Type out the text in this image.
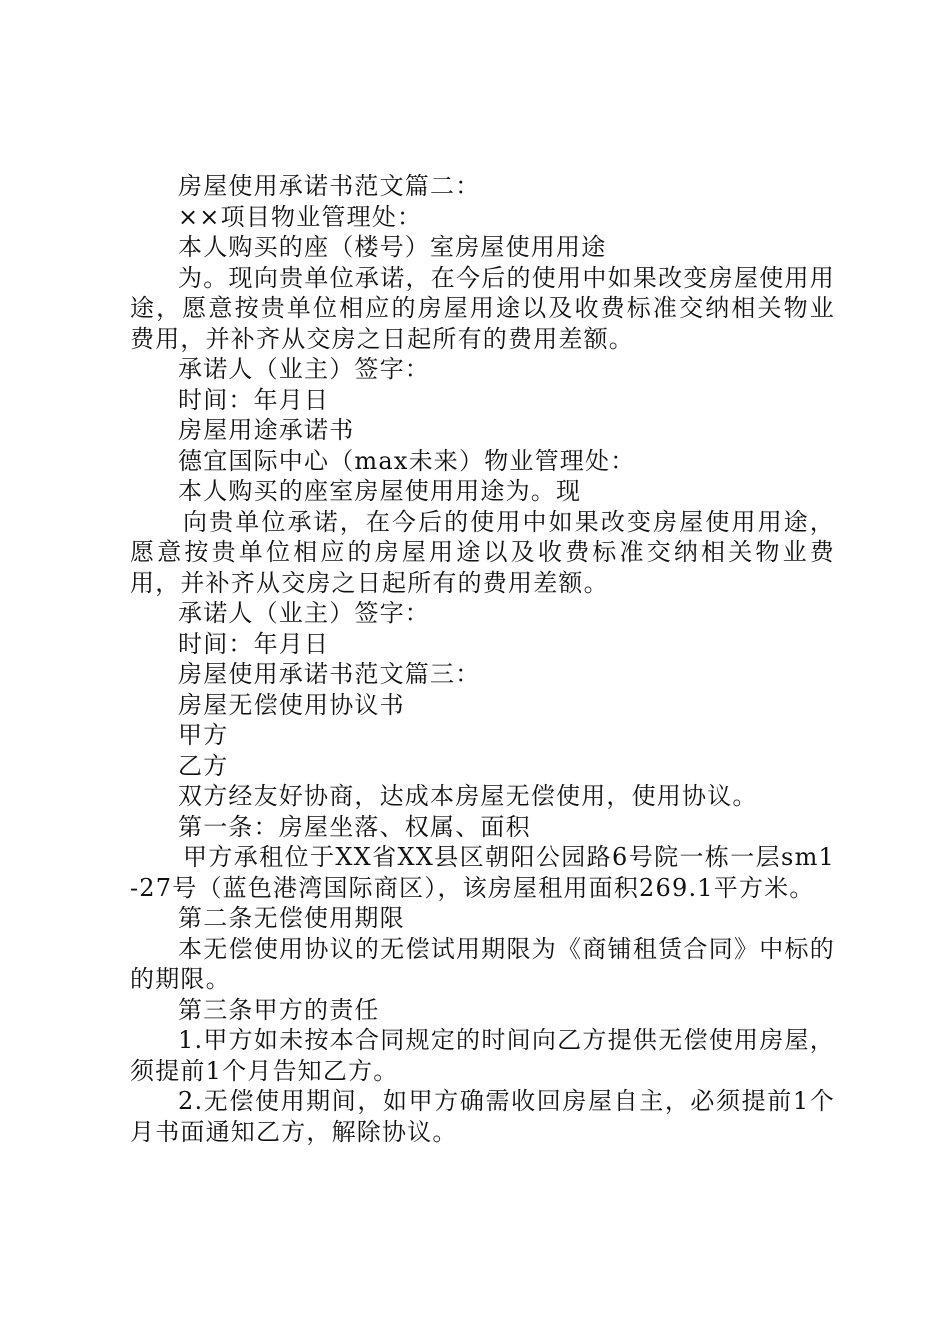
房屋使用承诺书范文篇二：

××项目物业管理处：

本人购买的座（楼号）室房屋使用用途

为。现向贵单位承诺，在今后的使用中如果改变房屋使用用途，愿意按贵单位相应的房屋用途以及收费标准交纳相关物业费用，并补齐从交房之日起所有的费用差额。

承诺人（业主）签字：

时间：年月日

房屋用途承诺书

德宜国际中心（max未来）物业管理处：

本人购买的座室房屋使用用途为。现

向贵单位承诺，在今后的使用中如果改变房屋使用用途，愿意按贵单位相应的房屋用途以及收费标准交纳相关物业费用，并补齐从交房之日起所有的费用差额。

承诺人（业主）签字：

时间：年月日

房屋使用承诺书范文篇三：

房屋无偿使用协议书

甲方

乙方

双方经友好协商，达成本房屋无偿使用，使用协议。

第一条：房屋坐落、权属、面积

甲方承租位于XX省XX县区朝阳公园路6号院一栋一层sm1-27号（蓝色港湾国际商区），该房屋租用面积269.1平方米。

第二条无偿使用期限

本无偿使用协议的无偿试用期限为《商铺租赁合同》中标的的期限。

第三条甲方的责任

1.甲方如未按本合同规定的时间向乙方提供无偿使用房屋，须提前1个月告知乙方。

2.无偿使用期间，如甲方确需收回房屋自主，必须提前1个月书面通知乙方，解除协议。
